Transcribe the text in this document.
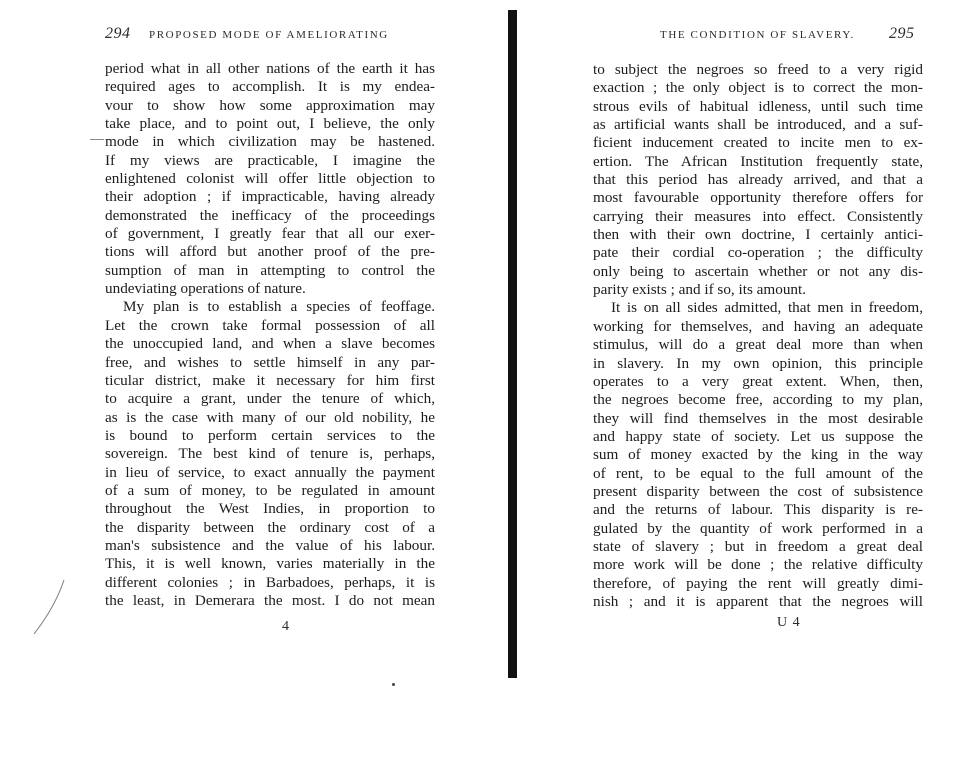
294 PROPOSED MODE OF AMELIORATING
period what in all other nations of the earth it has
required ages to accomplish. It is my endea-
vour to show how some approximation may
take place, and to point out, I believe, the only
mode in which civilization may be hastened.
If my views are practicable, I imagine the
enlightened colonist will offer little objection to
their adoption ; if impracticable, having already
demonstrated the inefficacy of the proceedings
of government, I greatly fear that all our exer-
tions will afford but another proof of the pre-
sumption of man in attempting to control the
undeviating operations of nature.
My plan is to establish a species of feoffage.
Let the crown take formal possession of all
the unoccupied land, and when a slave becomes
free, and wishes to settle himself in any par-
ticular district, make it necessary for him first
to acquire a grant, under the tenure of which,
as is the case with many of our old nobility, he
is bound to perform certain services to the
sovereign. The best kind of tenure is, perhaps,
in lieu of service, to exact annually the payment
of a sum of money, to be regulated in amount
throughout the West Indies, in proportion to
the disparity between the ordinary cost of a
man's subsistence and the value of his labour.
This, it is well known, varies materially in the
different colonies ; in Barbadoes, perhaps, it is
the least, in Demerara the most. I do not mean
4
THE CONDITION OF SLAVERY. 295
to subject the negroes so freed to a very rigid
exaction ; the only object is to correct the mon-
strous evils of habitual idleness, until such time
as artificial wants shall be introduced, and a suf-
ficient inducement created to incite men to ex-
ertion. The African Institution frequently state,
that this period has already arrived, and that a
most favourable opportunity therefore offers for
carrying their measures into effect. Consistently
then with their own doctrine, I certainly antici-
pate their cordial co-operation ; the difficulty
only being to ascertain whether or not any dis-
parity exists ; and if so, its amount.
It is on all sides admitted, that men in freedom,
working for themselves, and having an adequate
stimulus, will do a great deal more than when
in slavery. In my own opinion, this principle
operates to a very great extent. When, then,
the negroes become free, according to my plan,
they will find themselves in the most desirable
and happy state of society. Let us suppose the
sum of money exacted by the king in the way
of rent, to be equal to the full amount of the
present disparity between the cost of subsistence
and the returns of labour. This disparity is re-
gulated by the quantity of work performed in a
state of slavery ; but in freedom a great deal
more work will be done ; the relative difficulty
therefore, of paying the rent will greatly dimi-
nish ; and it is apparent that the negroes will
U 4
